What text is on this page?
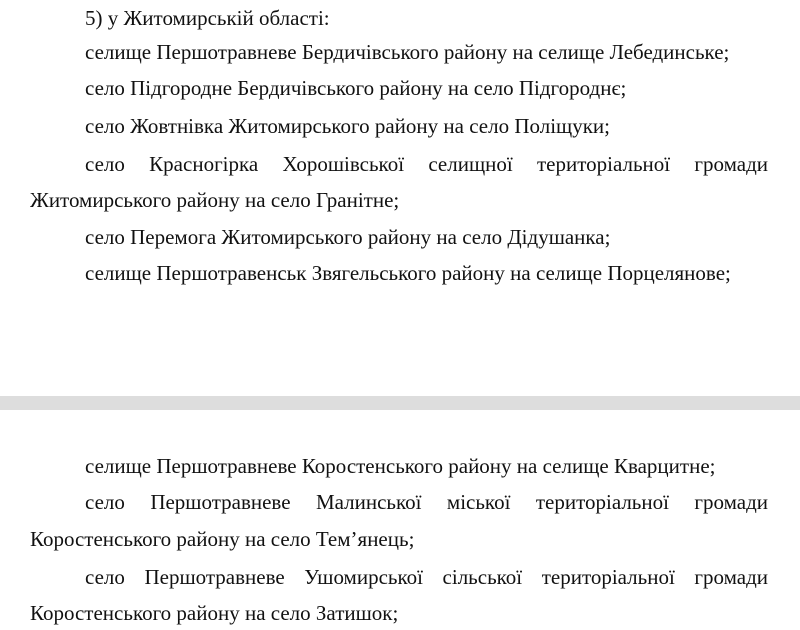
5) у Житомирській області:
селище Першотравневе Бердичівського району на селище Лебединське;
село Підгородне Бердичівського району на село Підгороднє;
село Жовтнівка Житомирського району на село Поліщуки;
село Красногірка Хорошівської селищної територіальної громади
Житомирського району на село Гранітне;
село Перемога Житомирського району на село Дідушанка;
селище Першотравенськ Звягельського району на селище Порцелянове;
селище Першотравневе Коростенського району на селище Кварцитне;
село Першотравневе Малинської міської територіальної громади
Коростенського району на село Тем’янець;
село Першотравневе Ушомирської сільської територіальної громади
Коростенського району на село Затишок;
